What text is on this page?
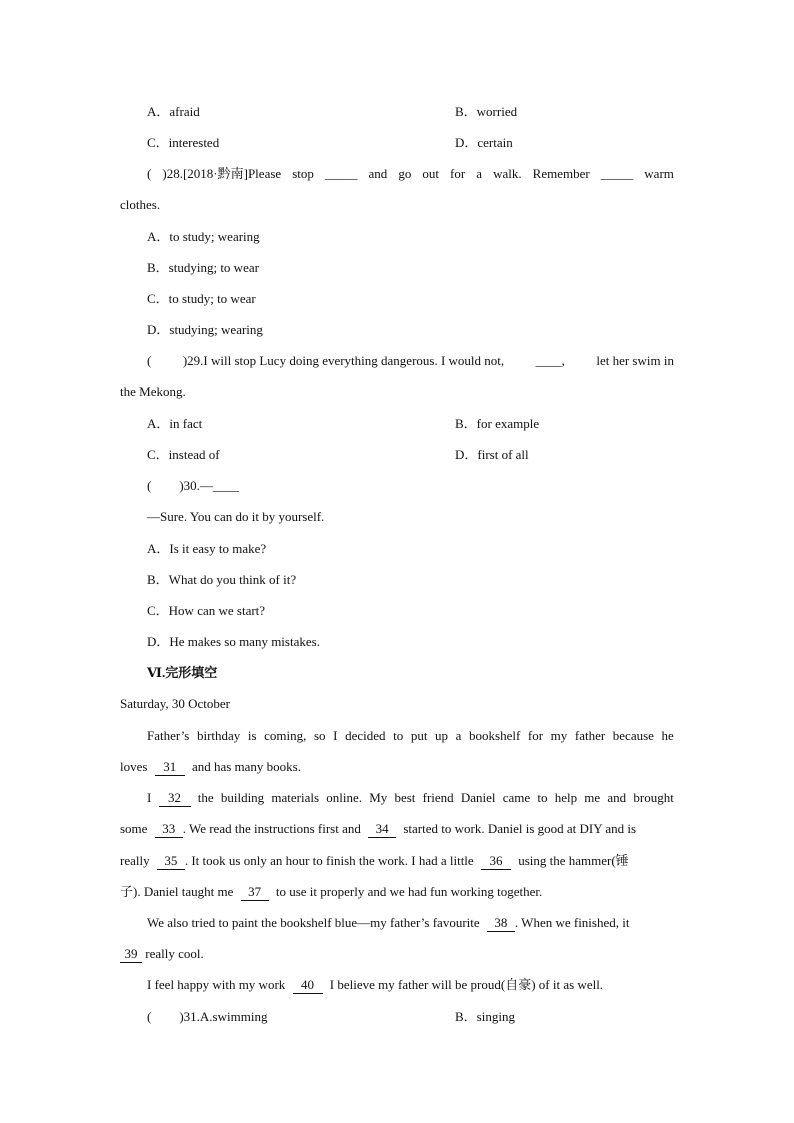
A．afraid	B．worried
C．interested	D．certain
( )28.[2018·黔南]Please stop _____ and go out for a walk. Remember _____ warm
clothes.
A．to study; wearing
B．studying; to wear
C．to study; to wear
D．studying; wearing
( )29.I will stop Lucy doing everything dangerous. I would not, ____, let her swim in
the Mekong.
A．in fact	B．for example
C．instead of	D．first of all
( )30.—____
—Sure. You can do it by yourself.
A．Is it easy to make?
B．What do you think of it?
C．How can we start?
D．He makes so many mistakes.
Ⅵ.完形填空
Saturday, 30 October
Father’s birthday is coming, so I decided to put up a bookshelf for my father because he
loves 31 and has many books.
I	32	the building materials online. My best friend Daniel came to help me and brought
some 33 . We read the instructions first and 34 started to work. Daniel is good at DIY and is
really 35 . It took us only an hour to finish the work. I had a little 36 using the hammer(锤
子). Daniel taught me 37 to use it properly and we had fun working together.
We also tried to paint the bookshelf blue—my father’s favourite 38 . When we finished, it
39 really cool.
I feel happy with my work 40 I believe my father will be proud(自豪) of it as well.
( )31.A.swimming	B．singing
